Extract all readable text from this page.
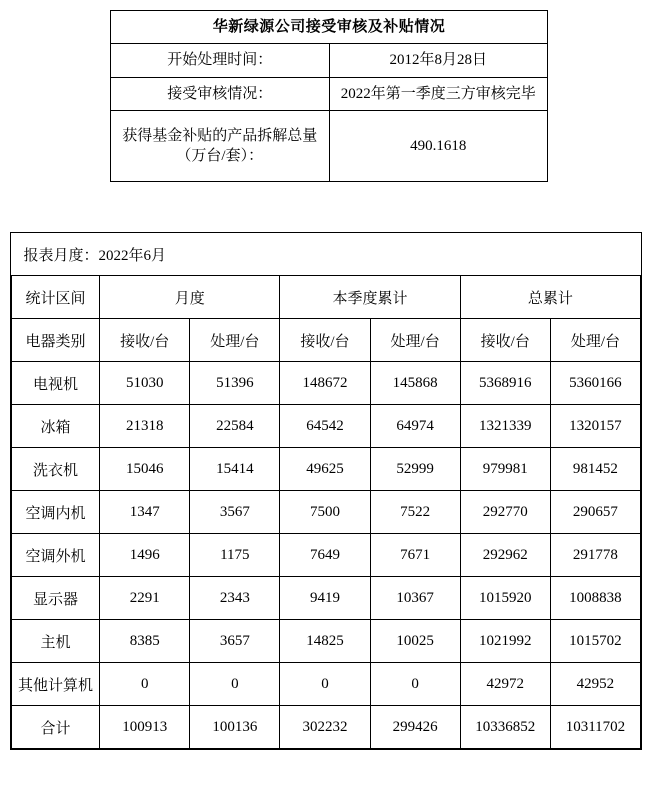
华新绿源公司接受审核及补贴情况	
开始处理时间：	2012年8月28日
接受审核情况：	2022年第一季度三方审核完毕
获得基金补贴的产品拆解总量（万台/套）：	490.1618
报表月度：2022年6月						
统计区间	月度		本季度累计		总累计	
电器类别	接收/台	处理/台	接收/台	处理/台	接收/台	处理/台
电视机	51030	51396	148672	145868	5368916	5360166
冰箱	21318	22584	64542	64974	1321339	1320157
洗衣机	15046	15414	49625	52999	979981	981452
空调内机	1347	3567	7500	7522	292770	290657
空调外机	1496	1175	7649	7671	292962	291778
显示器	2291	2343	9419	10367	1015920	1008838
主机	8385	3657	14825	10025	1021992	1015702
其他计算机	0	0	0	0	42972	42952
合计	100913	100136	302232	299426	10336852	10311702
